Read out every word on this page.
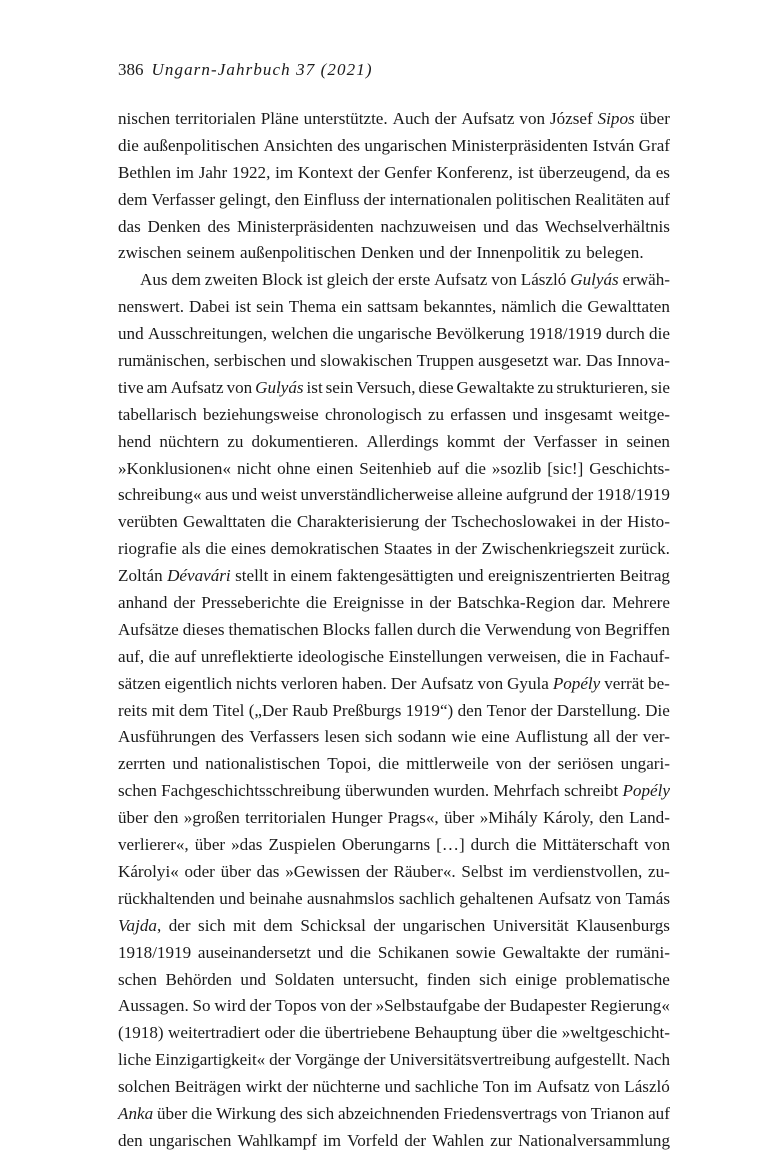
386 Ungarn-Jahrbuch 37 (2021)
nischen territorialen Pläne unterstützte. Auch der Aufsatz von József Sipos über
die außenpolitischen Ansichten des ungarischen Ministerpräsidenten István Graf
Bethlen im Jahr 1922, im Kontext der Genfer Konferenz, ist überzeugend, da es
dem Verfasser gelingt, den Einfluss der internationalen politischen Realitäten auf
das Denken des Ministerpräsidenten nachzuweisen und das Wechselverhältnis
zwischen seinem außenpolitischen Denken und der Innenpolitik zu belegen.
Aus dem zweiten Block ist gleich der erste Aufsatz von László Gulyás erwäh-
nenswert. Dabei ist sein Thema ein sattsam bekanntes, nämlich die Gewalttaten
und Ausschreitungen, welchen die ungarische Bevölkerung 1918/1919 durch die
rumänischen, serbischen und slowakischen Truppen ausgesetzt war. Das Innova-
tive am Aufsatz von Gulyás ist sein Versuch, diese Gewaltakte zu strukturieren, sie
tabellarisch beziehungsweise chronologisch zu erfassen und insgesamt weitge-
hend nüchtern zu dokumentieren. Allerdings kommt der Verfasser in seinen
»Konklusionen« nicht ohne einen Seitenhieb auf die »sozlib [sic!] Geschichts-
schreibung« aus und weist unverständlicherweise alleine aufgrund der 1918/1919
verübten Gewalttaten die Charakterisierung der Tschechoslowakei in der Histo-
riografie als die eines demokratischen Staates in der Zwischenkriegszeit zurück.
Zoltán Dévavári stellt in einem faktengesättigten und ereigniszentrierten Beitrag
anhand der Presseberichte die Ereignisse in der Batschka-Region dar. Mehrere
Aufsätze dieses thematischen Blocks fallen durch die Verwendung von Begriffen
auf, die auf unreflektierte ideologische Einstellungen verweisen, die in Fachauf-
sätzen eigentlich nichts verloren haben. Der Aufsatz von Gyula Popély verrät be-
reits mit dem Titel („Der Raub Preßburgs 1919“) den Tenor der Darstellung. Die
Ausführungen des Verfassers lesen sich sodann wie eine Auflistung all der ver-
zerrten und nationalistischen Topoi, die mittlerweile von der seriösen ungari-
schen Fachgeschichtsschreibung überwunden wurden. Mehrfach schreibt Popély
über den »großen territorialen Hunger Prags«, über »Mihály Károly, den Land-
verlierer«, über »das Zuspielen Oberungarns […] durch die Mittäterschaft von
Károlyi« oder über das »Gewissen der Räuber«. Selbst im verdienstvollen, zu-
rückhaltenden und beinahe ausnahmslos sachlich gehaltenen Aufsatz von Tamás
Vajda, der sich mit dem Schicksal der ungarischen Universität Klausenburgs
1918/1919 auseinandersetzt und die Schikanen sowie Gewaltakte der rumäni-
schen Behörden und Soldaten untersucht, finden sich einige problematische
Aussagen. So wird der Topos von der »Selbstaufgabe der Budapester Regierung«
(1918) weitertradiert oder die übertriebene Behauptung über die »weltgeschicht-
liche Einzigartigkeit« der Vorgänge der Universitätsvertreibung aufgestellt. Nach
solchen Beiträgen wirkt der nüchterne und sachliche Ton im Aufsatz von László
Anka über die Wirkung des sich abzeichnenden Friedensvertrags von Trianon auf
den ungarischen Wahlkampf im Vorfeld der Wahlen zur Nationalversammlung
